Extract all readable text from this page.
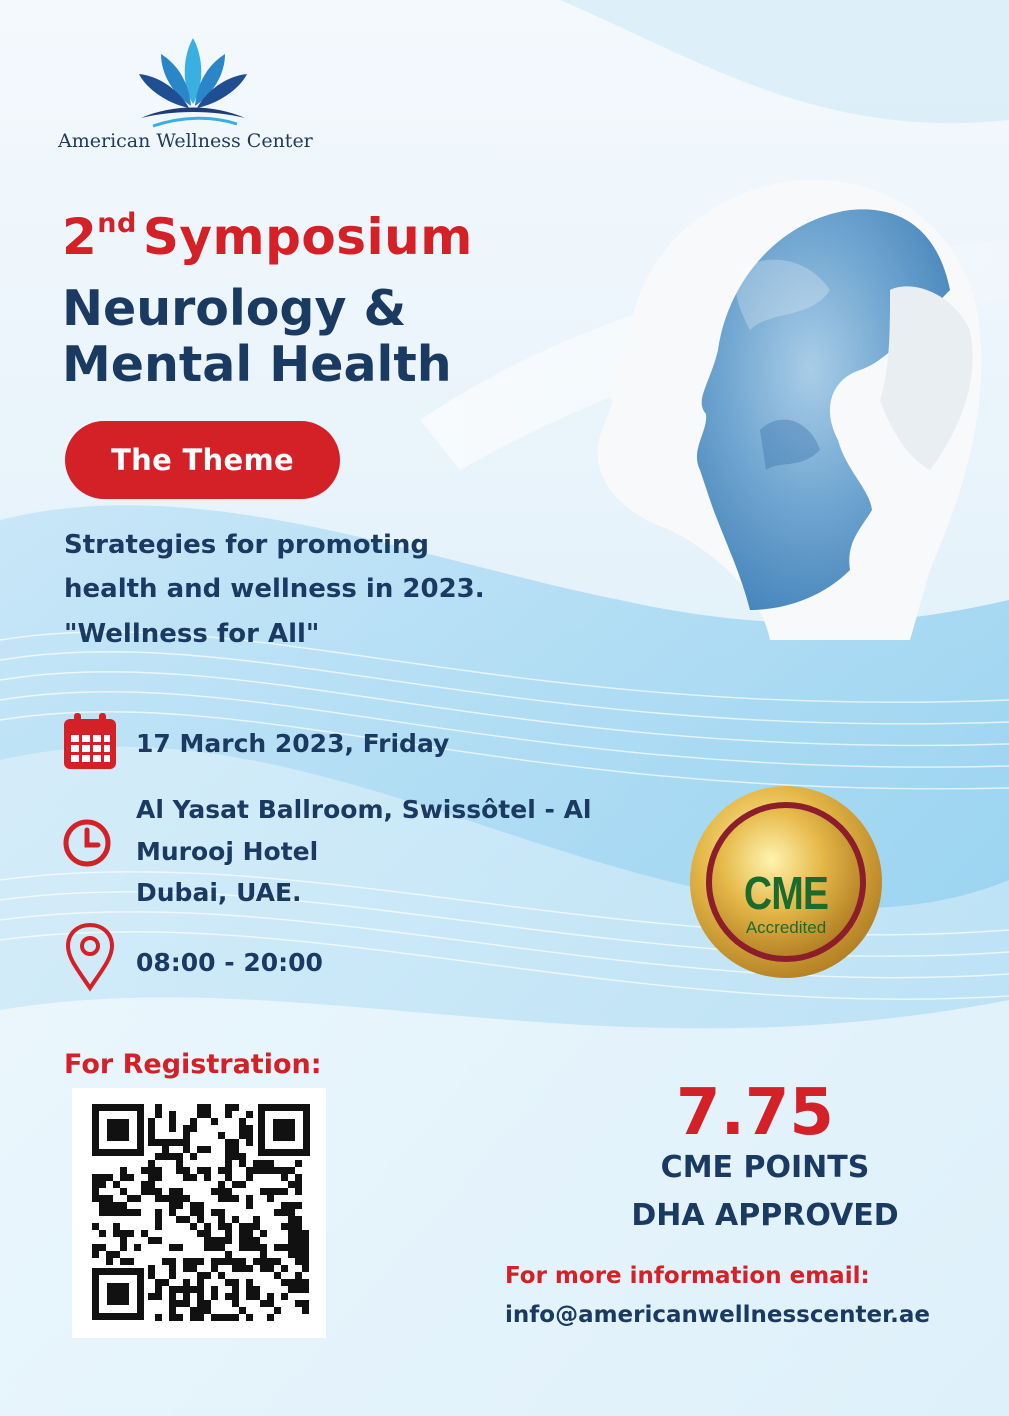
American Wellness Center
2nd Symposium
Neurology &
Mental Health
The Theme
Strategies for promoting
health and wellness in 2023.
"Wellness for All"
17 March 2023, Friday
Al Yasat Ballroom, Swissôtel - Al
Murooj Hotel
Dubai, UAE.
08:00 - 20:00
CME
Accredited
For Registration:
7.75
CME POINTS
DHA APPROVED
For more information email:
info@americanwellnesscenter.ae
